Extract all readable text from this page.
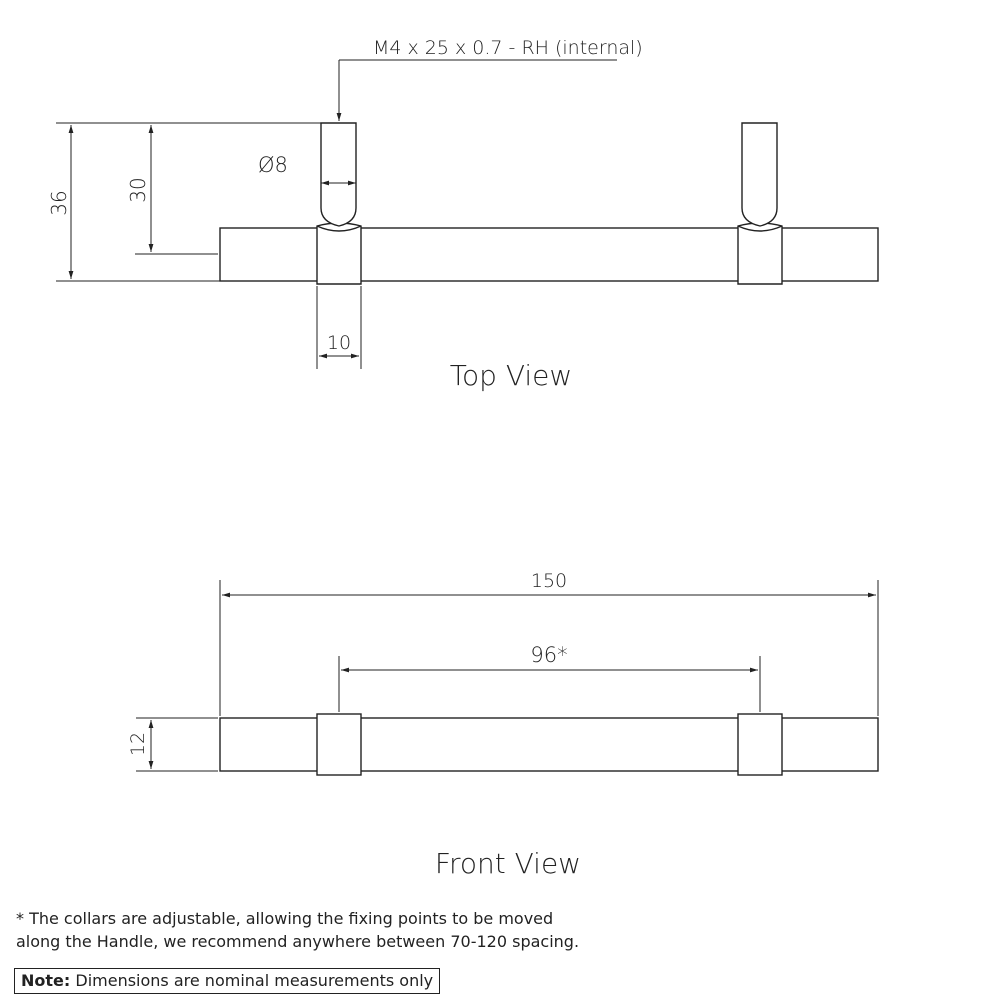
M4 x 25 x 0.7 - RH (internal)
Ø8
36
30
10
Top View
150
96*
12
Front View
* The collars are adjustable, allowing the fixing points to be moved
along the Handle, we recommend anywhere between 70-120 spacing.
Note: Dimensions are nominal measurements only
